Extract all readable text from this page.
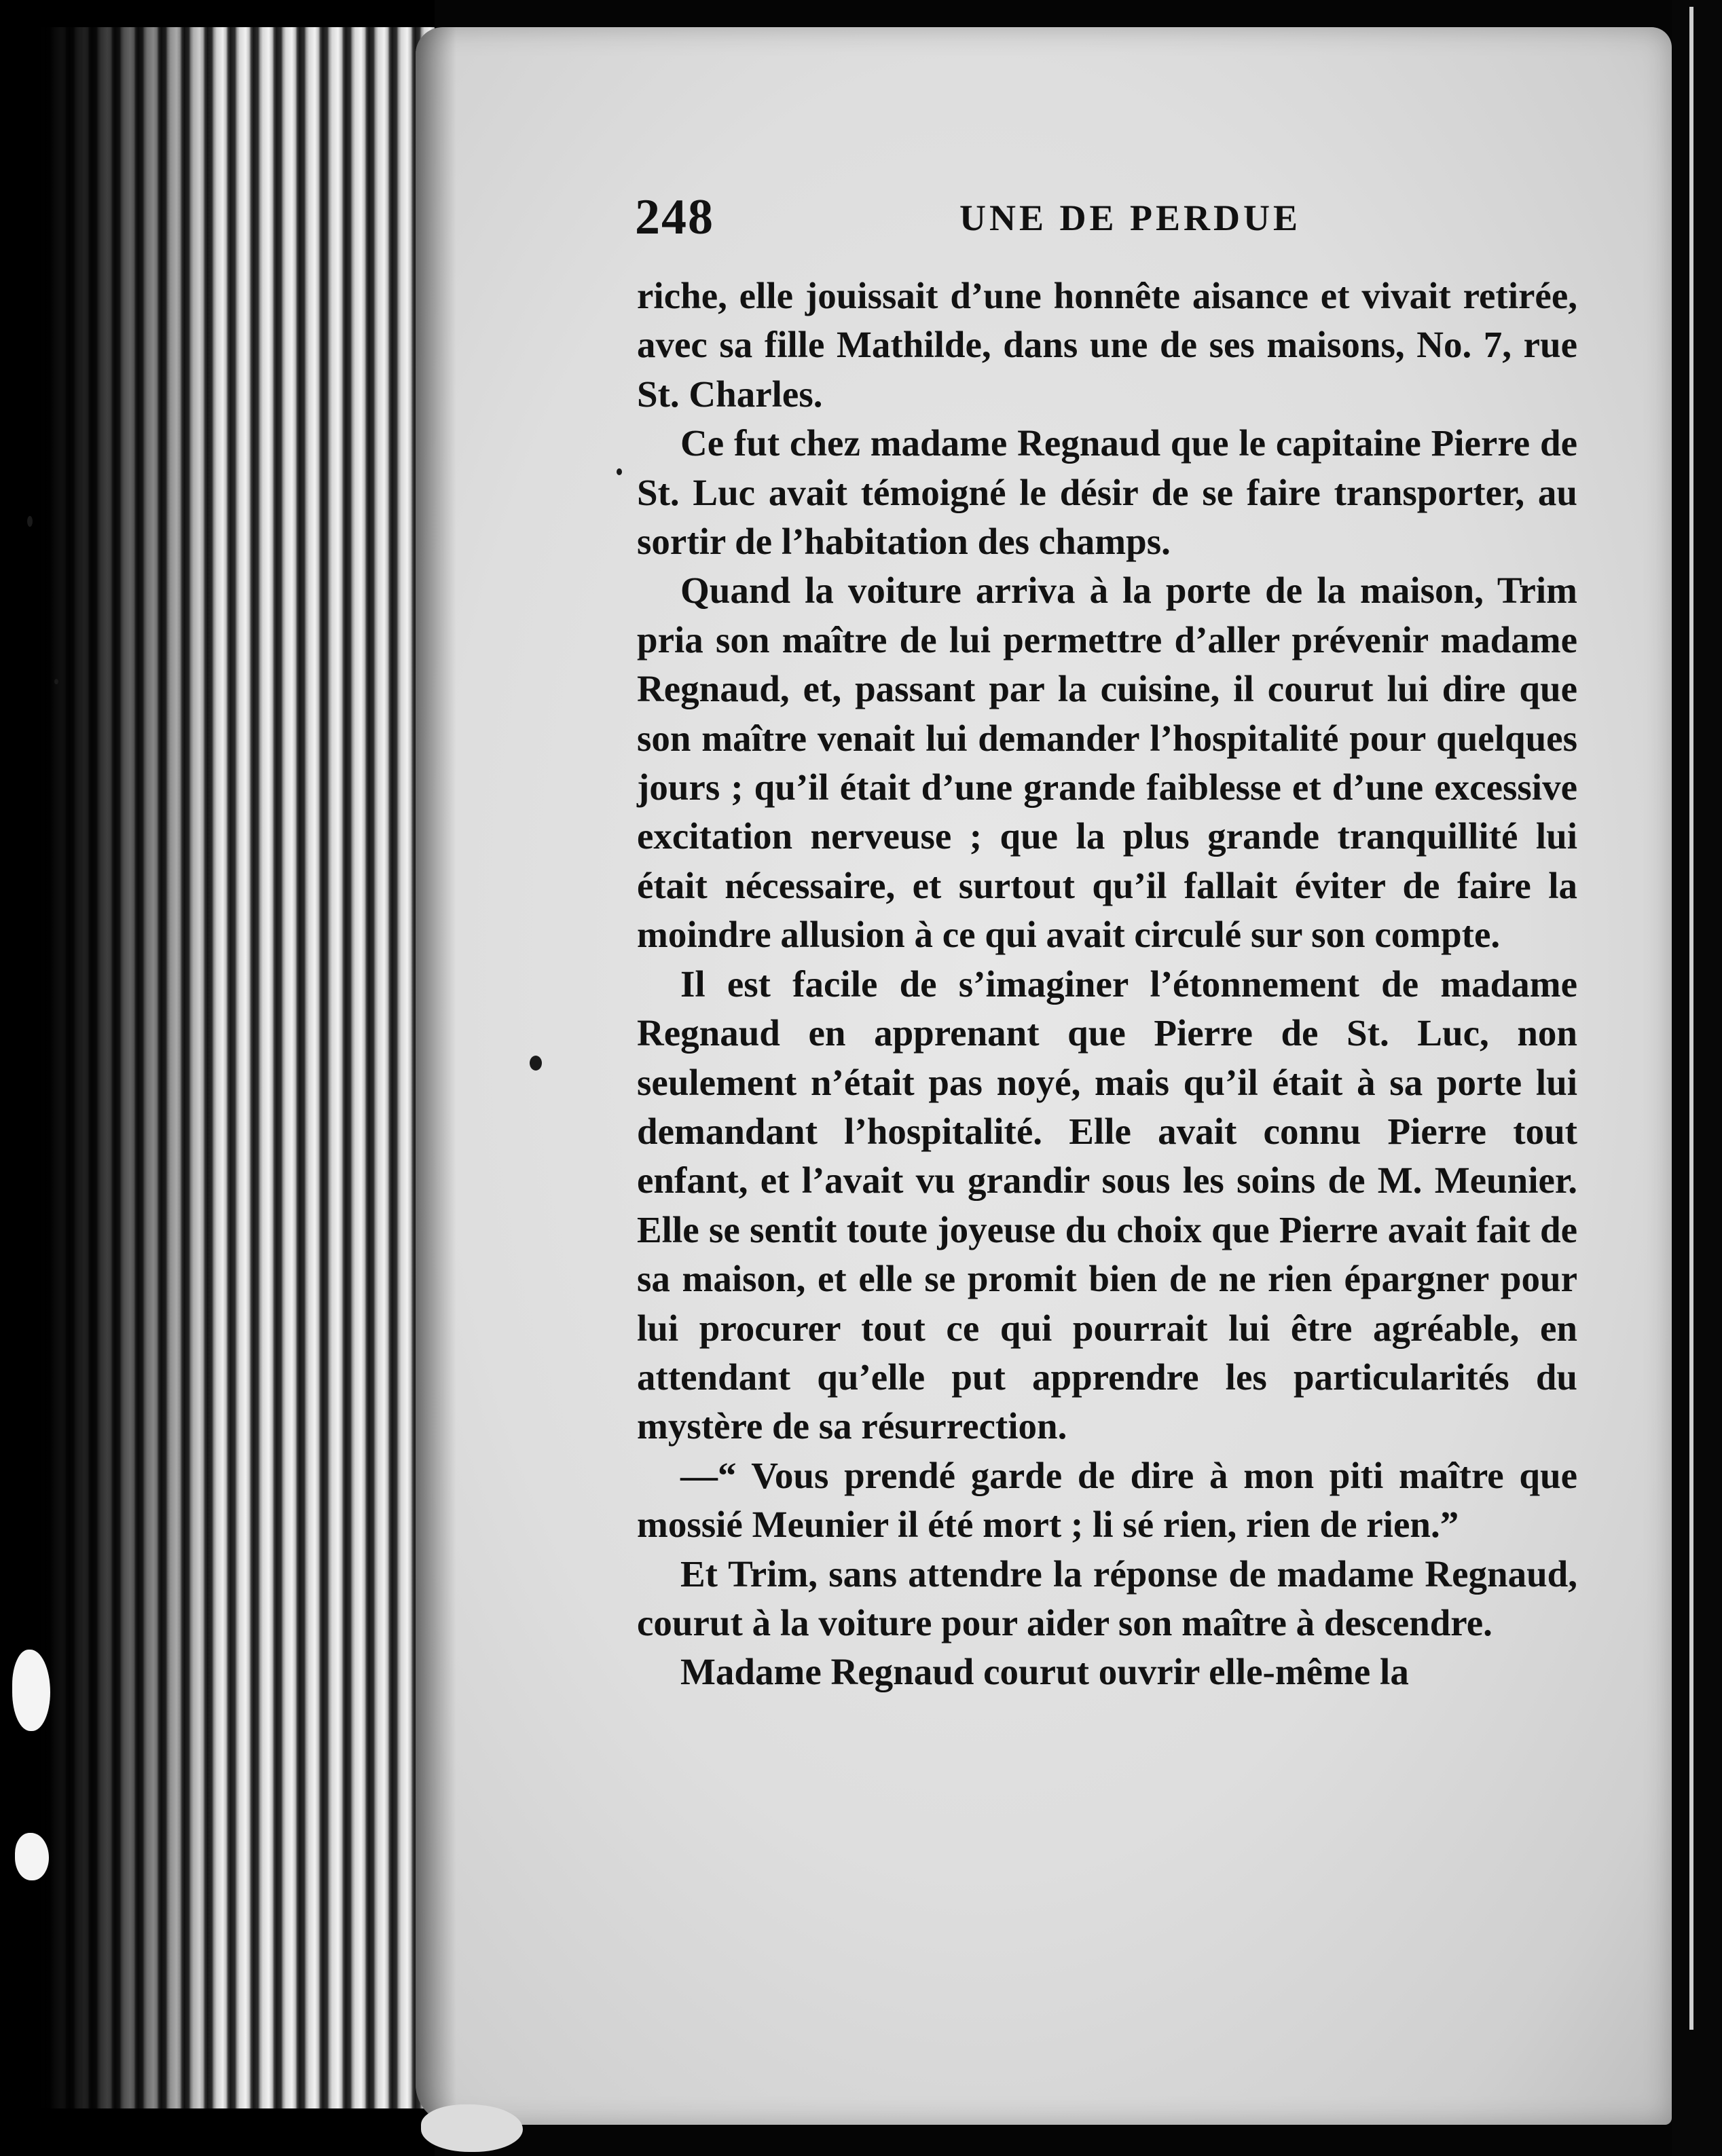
248	UNE DE PERDUE

riche, elle jouissait d’une honnête aisance et vivait retirée, avec sa fille Mathilde, dans une de ses maisons, No. 7, rue St. Charles.

Ce fut chez madame Regnaud que le capitaine Pierre de St. Luc avait témoigné le désir de se faire transporter, au sortir de l’habitation des champs.

Quand la voiture arriva à la porte de la maison, Trim pria son maître de lui permettre d’aller prévenir madame Regnaud, et, passant par la cuisine, il courut lui dire que son maître venait lui demander l’hospitalité pour quelques jours ; qu’il était d’une grande faiblesse et d’une excessive excitation nerveuse ; que la plus grande tranquillité lui était nécessaire, et surtout qu’il fallait éviter de faire la moindre allusion à ce qui avait circulé sur son compte.

Il est facile de s’imaginer l’étonnement de madame Regnaud en apprenant que Pierre de St. Luc, non seulement n’était pas noyé, mais qu’il était à sa porte lui demandant l’hospitalité. Elle avait connu Pierre tout enfant, et l’avait vu grandir sous les soins de M. Meunier. Elle se sentit toute joyeuse du choix que Pierre avait fait de sa maison, et elle se promit bien de ne rien épargner pour lui procurer tout ce qui pourrait lui être agréable, en attendant qu’elle put apprendre les particularités du mystère de sa résurrection.

—“ Vous prendé garde de dire à mon piti maître que mossié Meunier il été mort ; li sé rien, rien de rien.”

Et Trim, sans attendre la réponse de madame Regnaud, courut à la voiture pour aider son maître à descendre.

Madame Regnaud courut ouvrir elle-même la
